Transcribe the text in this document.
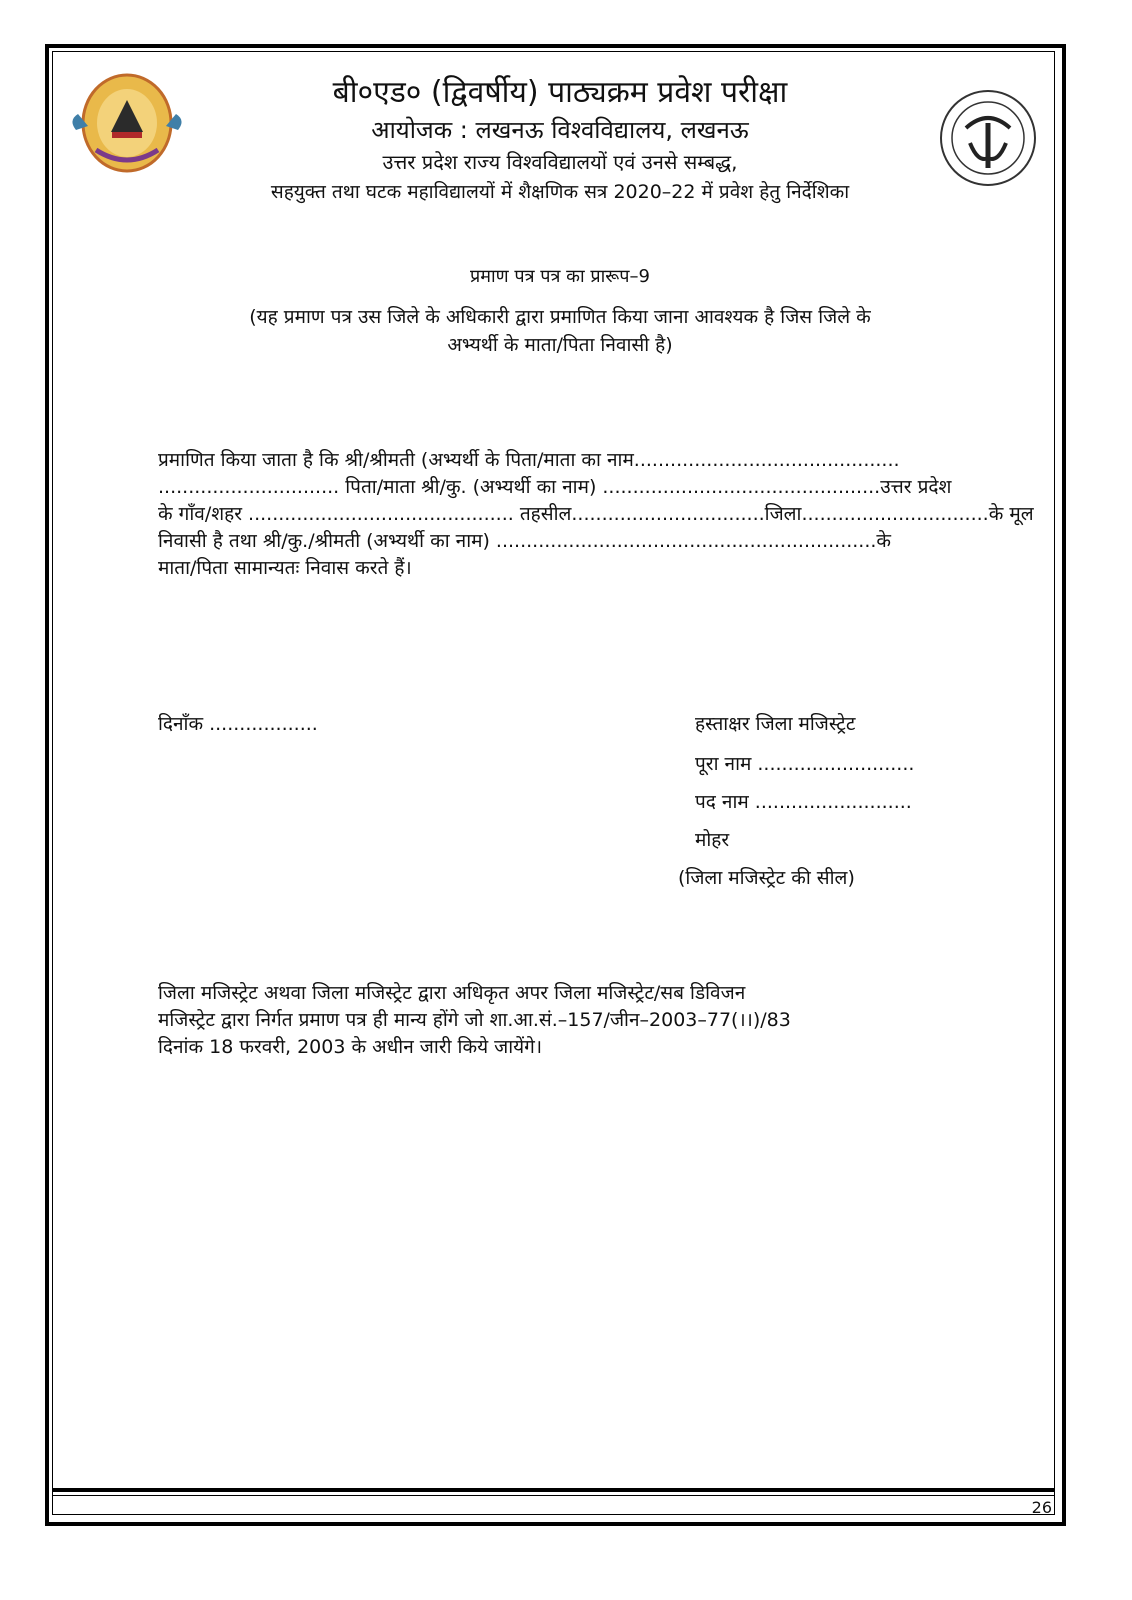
26
बी०एड० (द्विवर्षीय) पाठ्यक्रम प्रवेश परीक्षा
आयोजक : लखनऊ विश्वविद्यालय, लखनऊ
उत्तर प्रदेश राज्य विश्वविद्यालयों एवं उनसे सम्बद्ध,
सहयुक्त तथा घटक महाविद्यालयों में शैक्षणिक सत्र 2020–22 में प्रवेश हेतु निर्देशिका
प्रमाण पत्र पत्र का प्रारूप–9
(यह प्रमाण पत्र उस जिले के अधिकारी द्वारा प्रमाणित किया जाना आवश्यक है जिस जिले के
अभ्यर्थी के माता/पिता निवासी है)
प्रमाणित किया जाता है कि श्री/श्रीमती (अभ्यर्थी के पिता/माता का नाम............................................
.............................. पिता/माता श्री/कु. (अभ्यर्थी का नाम) ..............................................उत्तर प्रदेश
के गाँव/शहर ............................................ तहसील................................जिला...............................के मूल
निवासी है तथा श्री/कु./श्रीमती (अभ्यर्थी का नाम) ...............................................................के
माता/पिता सामान्यतः निवास करते हैं।
दिनाँक ..................	हस्ताक्षर जिला मजिस्ट्रेट
पूरा नाम ..........................
पद नाम ..........................
मोहर
(जिला मजिस्ट्रेट की सील)
जिला मजिस्ट्रेट अथवा जिला मजिस्ट्रेट द्वारा अधिकृत अपर जिला मजिस्ट्रेट/सब डिविजन
मजिस्ट्रेट द्वारा निर्गत प्रमाण पत्र ही मान्य होंगे जो शा.आ.सं.–157/जीन–2003–77(।।)/83
दिनांक 18 फरवरी, 2003 के अधीन जारी किये जायेंगे।
